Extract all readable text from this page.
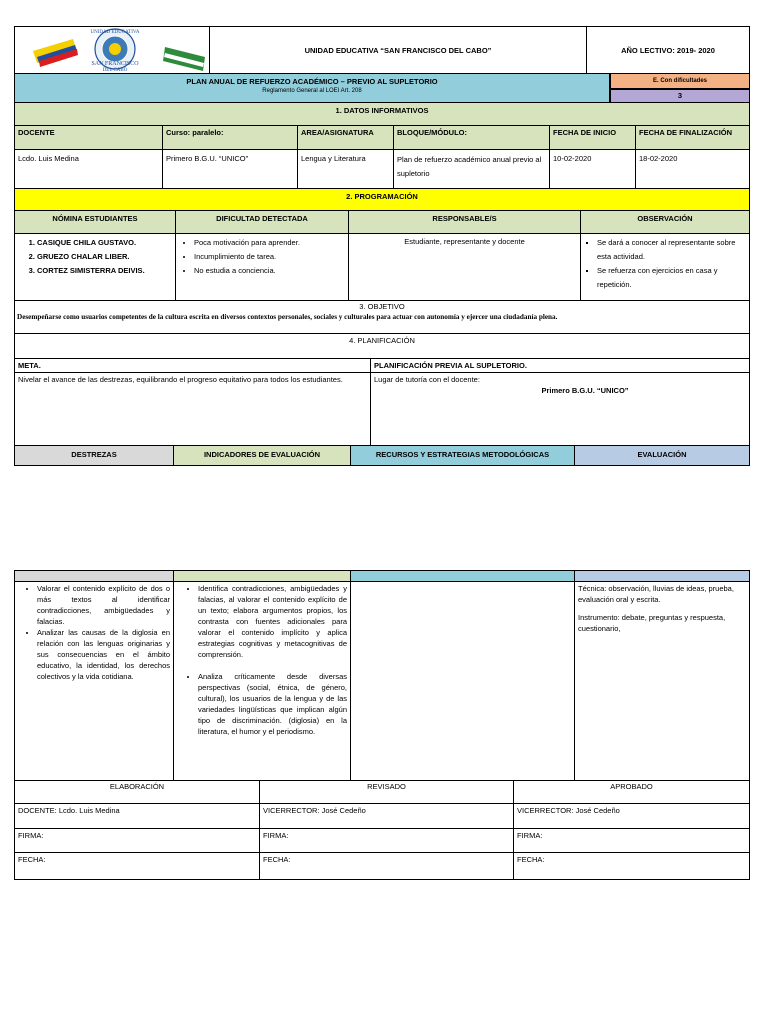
UNIDAD EDUCATIVA
SAN FRANCISCO
DEL CABO
UNIDAD EDUCATIVA “SAN FRANCISCO DEL CABO”	AÑO LECTIVO: 2019- 2020
PLAN ANUAL DE REFUERZO ACADÉMICO – PREVIO AL SUPLETORIO
Reglamento General al LOEI Art. 208
E. Con dificultades
3
1. DATOS INFORMATIVOS
DOCENTE	Curso: paralelo:	AREA/ASIGNATURA	BLOQUE/MÓDULO:	FECHA DE INICIO	FECHA DE FINALIZACIÓN
Lcdo. Luis Medina	Primero B.G.U. “UNICO”	Lengua y Literatura	Plan de refuerzo académico anual previo al supletorio
10-02-2020	18-02-2020
2. PROGRAMACIÓN
NÓMINA ESTUDIANTES	DIFICULTAD DETECTADA	RESPONSABLE/S	OBSERVACIÓN
1. CASIQUE CHILA GUSTAVO.
2. GRUEZO CHALAR LIBER.
3. CORTEZ SIMISTERRA DEIVIS.
• Poca motivación para aprender.
• Incumplimiento de tarea.
• No estudia a conciencia.
Estudiante, representante y docente
▪	Se dará a conocer al representante sobre esta actividad.
▪ Se refuerza con ejercicios en casa y repetición.
3. OBJETIVO
Desempeñarse como usuarios competentes de la cultura escrita en diversos contextos personales, sociales y culturales para actuar con autonomía y ejercer una ciudadanía plena.
4. PLANIFICACIÓN
META.	PLANIFICACIÓN PREVIA AL SUPLETORIO.
Nivelar el avance de las destrezas, equilibrando el progreso equitativo para todos los estudiantes.	Lugar de tutoría con el docente:
Primero B.G.U. “UNICO”
DESTREZAS	INDICADORES DE EVALUACIÓN	RECURSOS Y ESTRATEGIAS METODOLÓGICAS	EVALUACIÓN
• Valorar el contenido explícito de dos o más textos al identificar contradicciones, ambigüedades y falacias.
• Analizar las causas de la diglosia en relación con las lenguas originarias y sus consecuencias en el ámbito educativo, la identidad, los derechos colectivos y la vida cotidiana.
• Identifica contradicciones, ambigüedades y falacias, al valorar el contenido explícito de un texto; elabora argumentos propios, los contrasta con fuentes adicionales para valorar el contenido implícito y aplica estrategias cognitivas y metacognitivas de comprensión.
• Analiza críticamente desde diversas perspectivas (social, étnica, de género, cultural), los usuarios de la lengua y de las variedades lingüísticas que implican algún tipo de discriminación. (diglosia) en la literatura, el humor y el periodismo.
Técnica: observación, lluvias de ideas, prueba, evaluación oral y escrita.
Instrumento: debate, preguntas y respuesta, cuestionario,
ELABORACIÓN	REVISADO	APROBADO
DOCENTE: Lcdo. Luis Medina	VICERRECTOR: José Cedeño	VICERRECTOR: José Cedeño
FIRMA:	FIRMA:	FIRMA:
FECHA:	FECHA:	FECHA:
